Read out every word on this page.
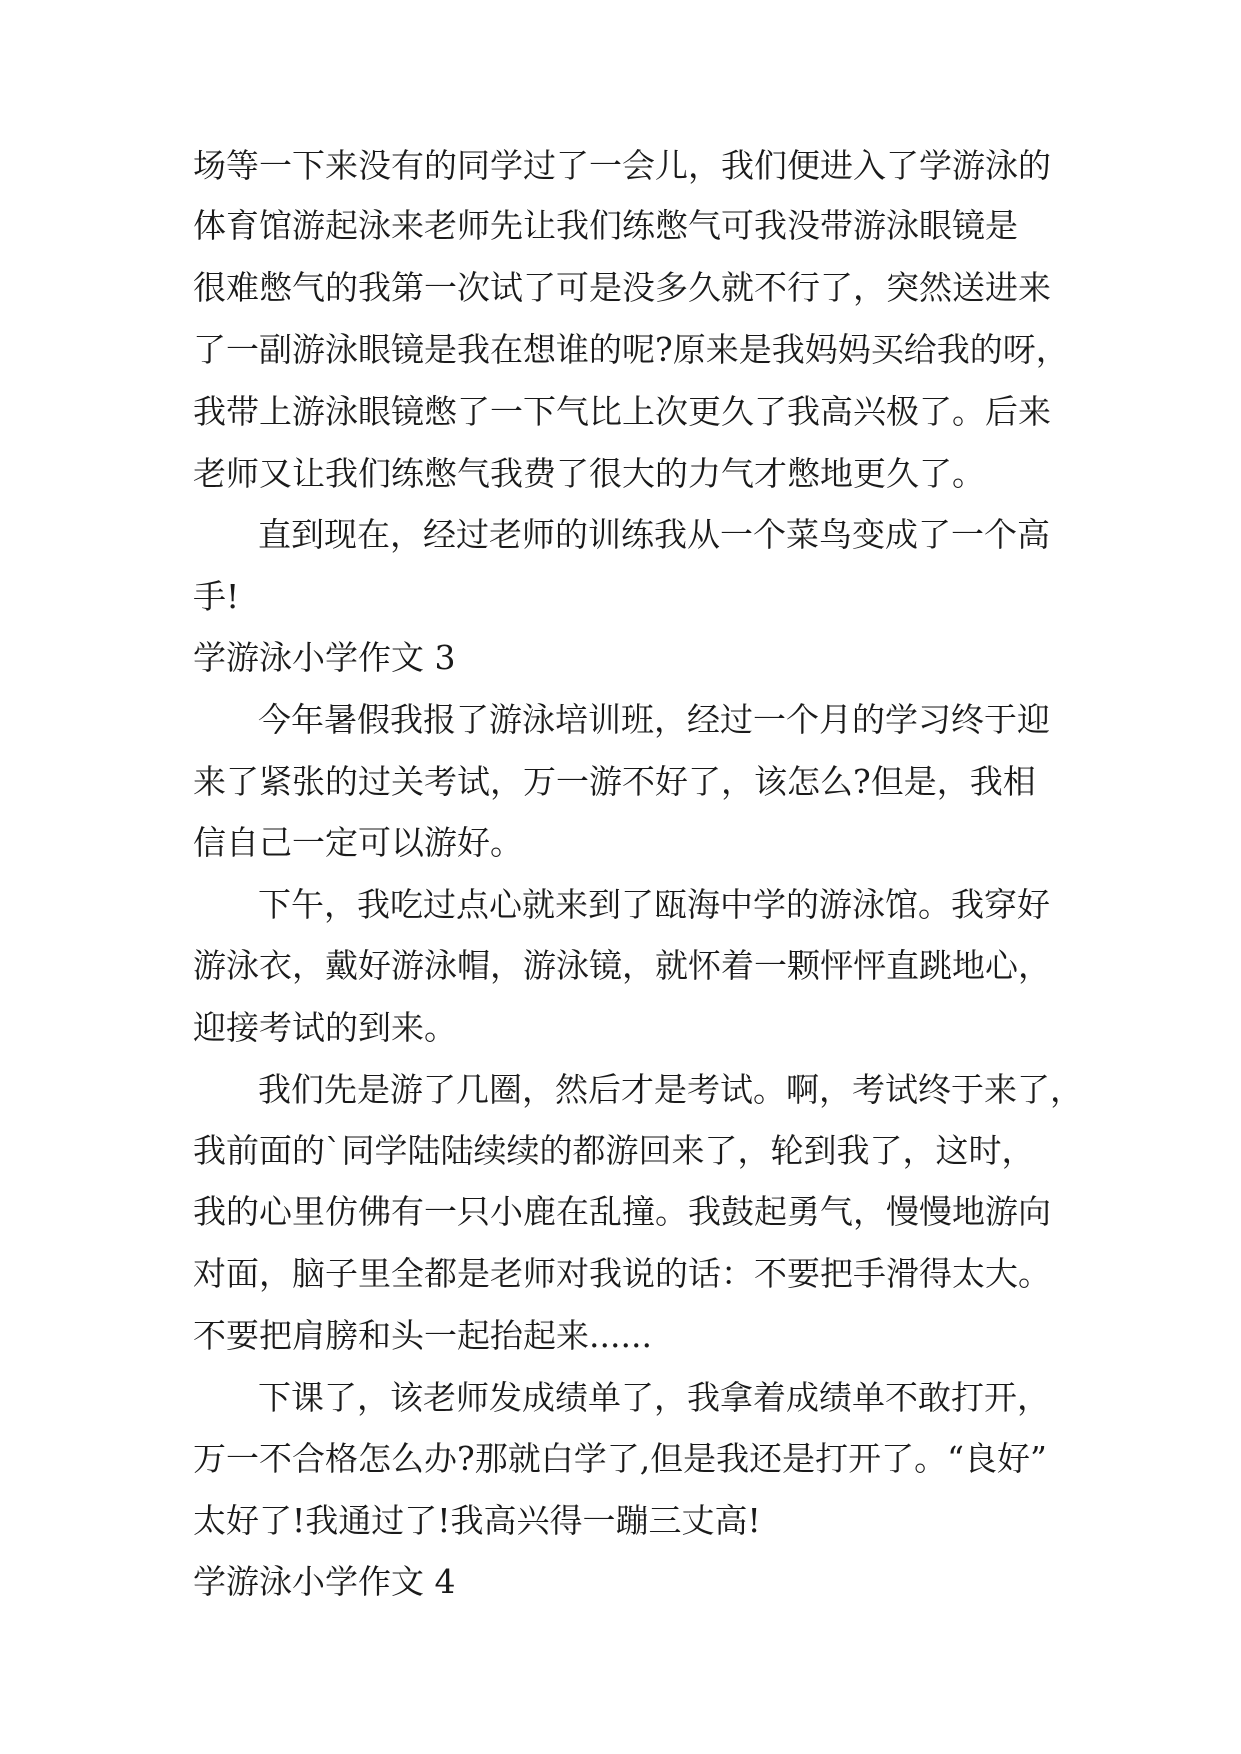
场等一下来没有的同学过了一会儿，我们便进入了学游泳的
体育馆游起泳来老师先让我们练憋气可我没带游泳眼镜是
很难憋气的我第一次试了可是没多久就不行了，突然送进来
了一副游泳眼镜是我在想谁的呢?原来是我妈妈买给我的呀，
我带上游泳眼镜憋了一下气比上次更久了我高兴极了。后来
老师又让我们练憋气我费了很大的力气才憋地更久了。
直到现在，经过老师的训练我从一个菜鸟变成了一个高
手!
学游泳小学作文 3
今年暑假我报了游泳培训班，经过一个月的学习终于迎
来了紧张的过关考试，万一游不好了，该怎么?但是，我相
信自己一定可以游好。
下午，我吃过点心就来到了瓯海中学的游泳馆。我穿好
游泳衣，戴好游泳帽，游泳镜，就怀着一颗怦怦直跳地心，
迎接考试的到来。
我们先是游了几圈，然后才是考试。啊，考试终于来了，
我前面的`同学陆陆续续的都游回来了，轮到我了，这时，
我的心里仿佛有一只小鹿在乱撞。我鼓起勇气，慢慢地游向
对面，脑子里全都是老师对我说的话：不要把手滑得太大。
不要把肩膀和头一起抬起来......
下课了，该老师发成绩单了，我拿着成绩单不敢打开，
万一不合格怎么办?那就白学了,但是我还是打开了。“良好”
太好了!我通过了!我高兴得一蹦三丈高!
学游泳小学作文 4
